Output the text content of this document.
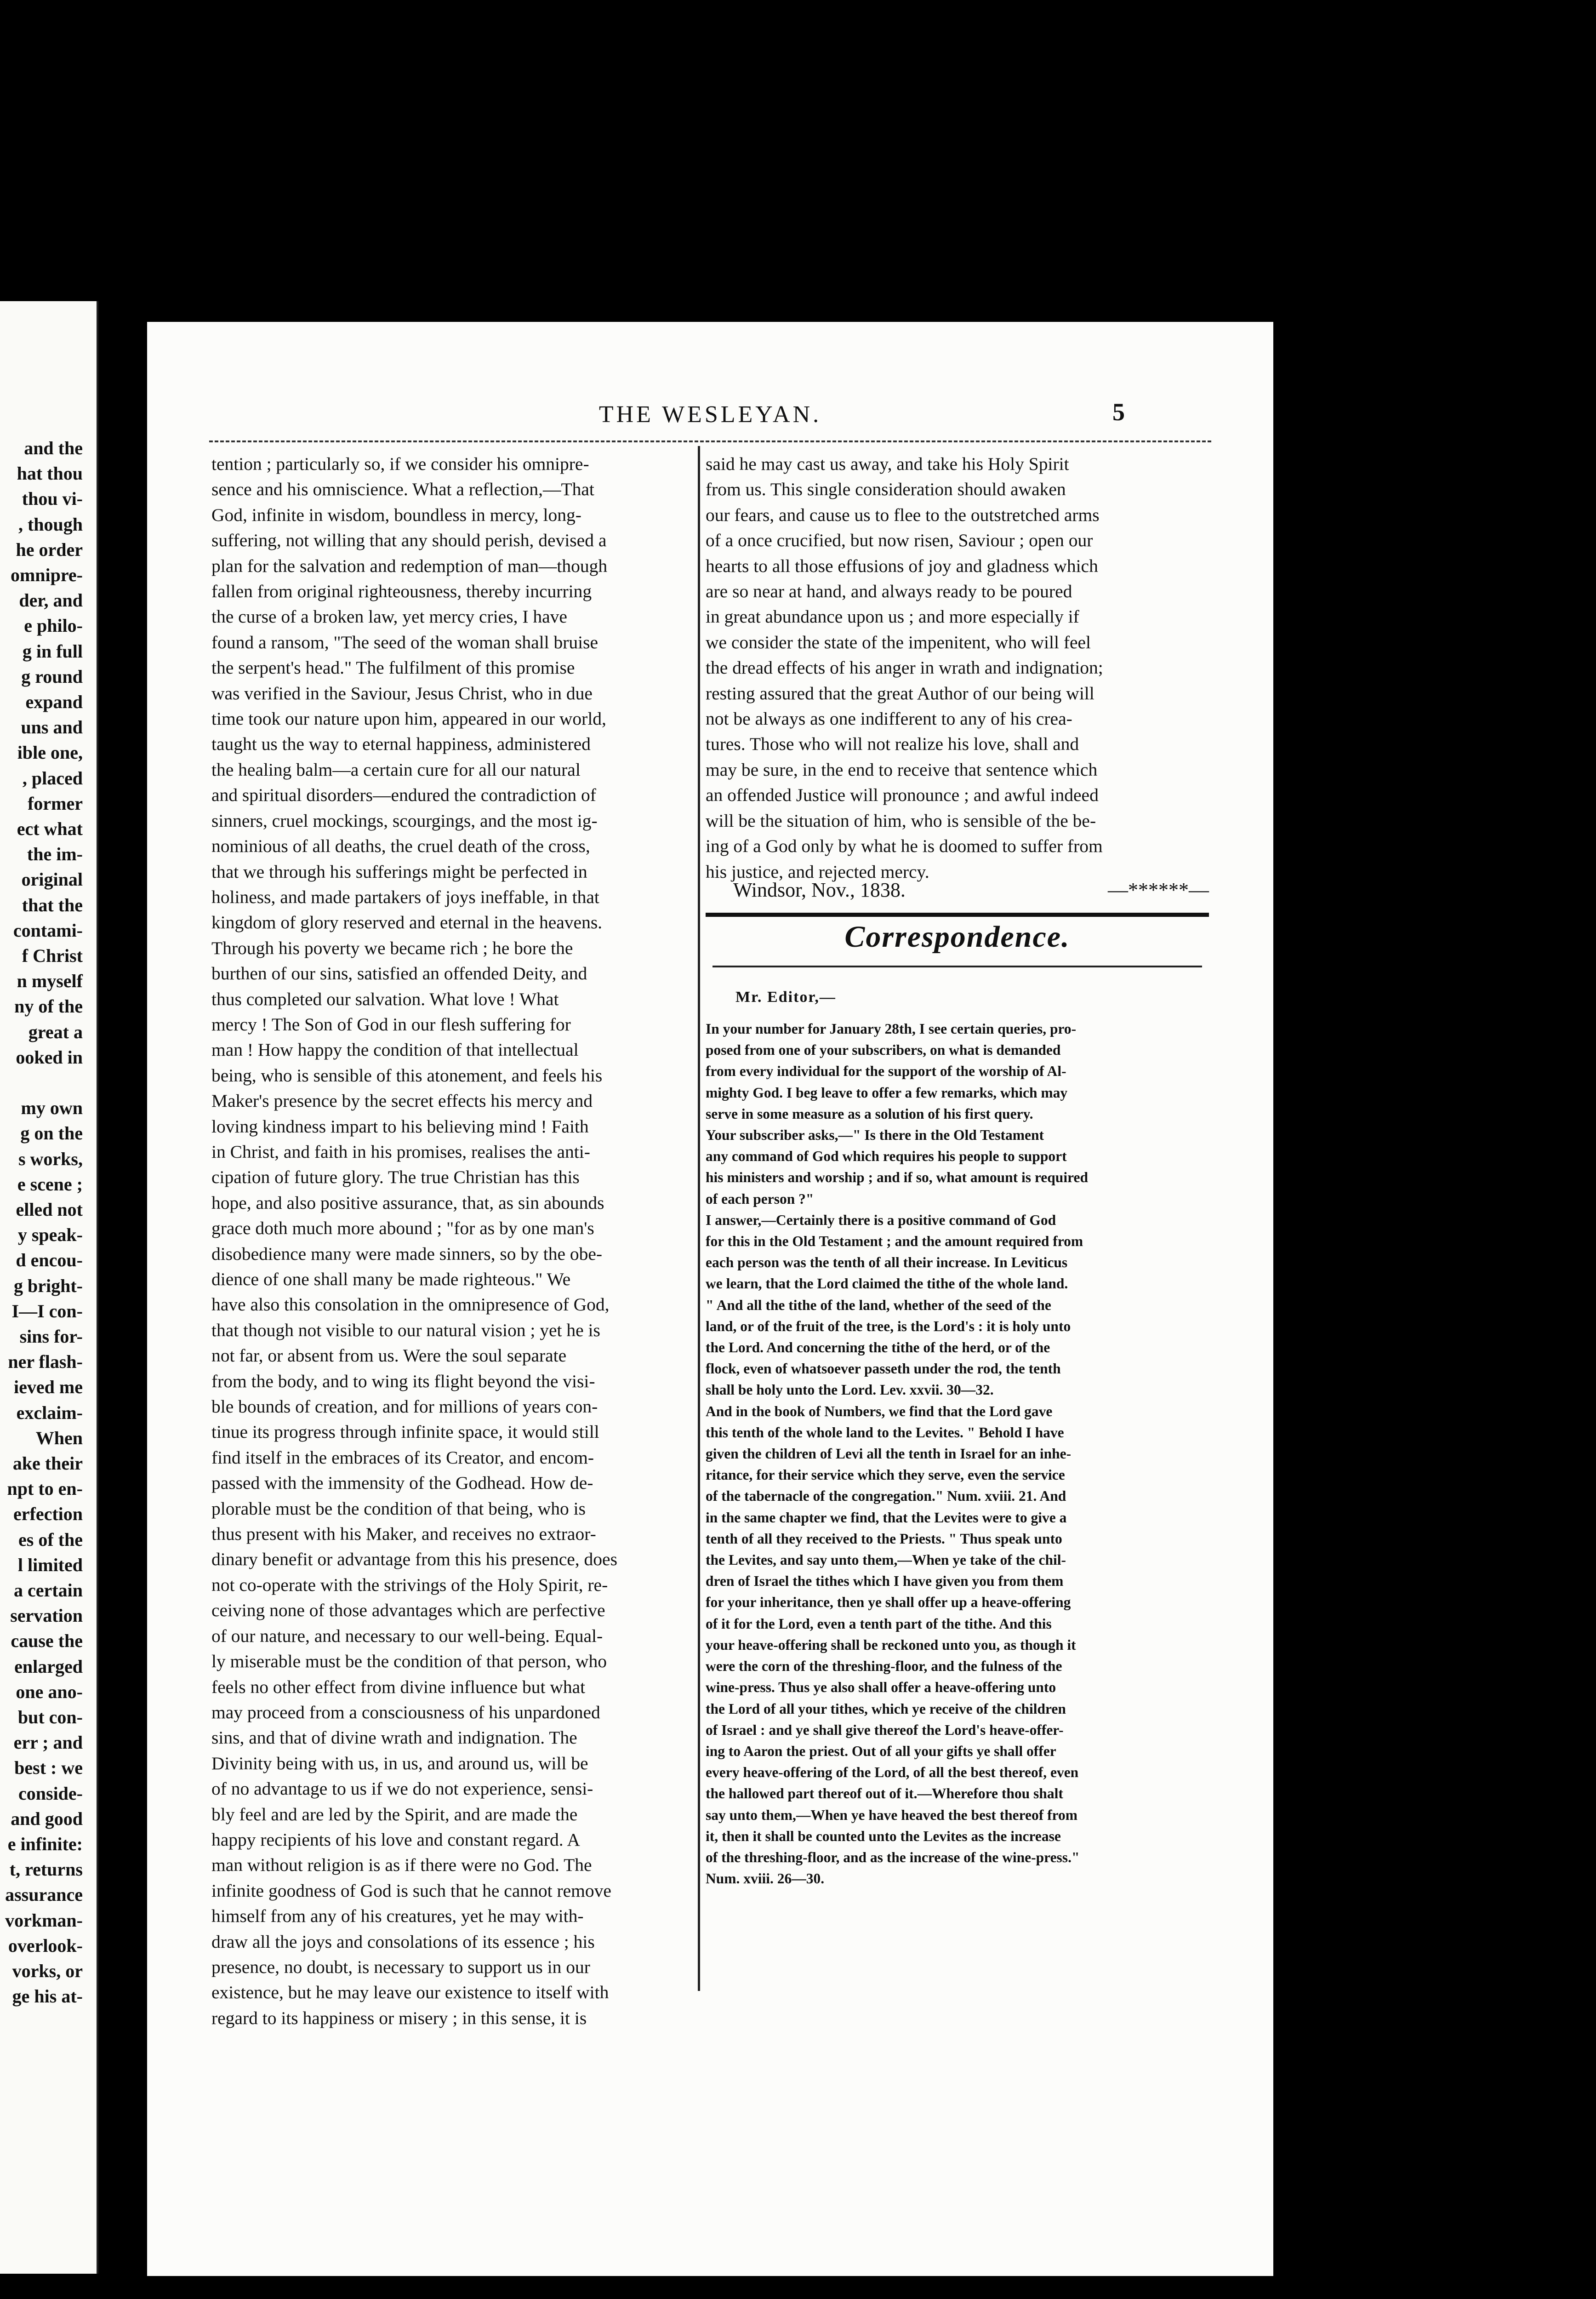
and the
hat thou
thou vi-
, though
he order
omnipre-
der, and
e philo-
g in full
g round
expand
uns and
ible one,
, placed
former
ect what
the im-
original
that the
contami-
f Christ
n myself
ny of the
great a
ooked in
my own
g on the
s works,
e scene ;
elled not
y speak-
d encou-
g bright-
I—I con-
sins for-
ner flash-
ieved me
exclaim-
When
ake their
npt to en-
erfection
es of the
l limited
a certain
servation
cause the
enlarged
one ano-
but con-
err ; and
best : we
conside-
and good
e infinite:
t, returns
assurance
vorkman-
overlook-
vorks, or
ge his at-
THE WESLEYAN.	5
tention ; particularly so, if we consider his omnipre-
sence and his omniscience. What a reflection,—That
God, infinite in wisdom, boundless in mercy, long-
suffering, not willing that any should perish, devised a
plan for the salvation and redemption of man—though
fallen from original righteousness, thereby incurring
the curse of a broken law, yet mercy cries, I have
found a ransom, "The seed of the woman shall bruise
the serpent's head." The fulfilment of this promise
was verified in the Saviour, Jesus Christ, who in due
time took our nature upon him, appeared in our world,
taught us the way to eternal happiness, administered
the healing balm—a certain cure for all our natural
and spiritual disorders—endured the contradiction of
sinners, cruel mockings, scourgings, and the most ig-
nominious of all deaths, the cruel death of the cross,
that we through his sufferings might be perfected in
holiness, and made partakers of joys ineffable, in that
kingdom of glory reserved and eternal in the heavens.
Through his poverty we became rich ; he bore the
burthen of our sins, satisfied an offended Deity, and
thus completed our salvation. What love ! What
mercy ! The Son of God in our flesh suffering for
man ! How happy the condition of that intellectual
being, who is sensible of this atonement, and feels his
Maker's presence by the secret effects his mercy and
loving kindness impart to his believing mind ! Faith
in Christ, and faith in his promises, realises the anti-
cipation of future glory. The true Christian has this
hope, and also positive assurance, that, as sin abounds
grace doth much more abound ; "for as by one man's
disobedience many were made sinners, so by the obe-
dience of one shall many be made righteous." We
have also this consolation in the omnipresence of God,
that though not visible to our natural vision ; yet he is
not far, or absent from us. Were the soul separate
from the body, and to wing its flight beyond the visi-
ble bounds of creation, and for millions of years con-
tinue its progress through infinite space, it would still
find itself in the embraces of its Creator, and encom-
passed with the immensity of the Godhead. How de-
plorable must be the condition of that being, who is
thus present with his Maker, and receives no extraor-
dinary benefit or advantage from this his presence, does
not co-operate with the strivings of the Holy Spirit, re-
ceiving none of those advantages which are perfective
of our nature, and necessary to our well-being. Equal-
ly miserable must be the condition of that person, who
feels no other effect from divine influence but what
may proceed from a consciousness of his unpardoned
sins, and that of divine wrath and indignation. The
Divinity being with us, in us, and around us, will be
of no advantage to us if we do not experience, sensi-
bly feel and are led by the Spirit, and are made the
happy recipients of his love and constant regard. A
man without religion is as if there were no God. The
infinite goodness of God is such that he cannot remove
himself from any of his creatures, yet he may with-
draw all the joys and consolations of its essence ; his
presence, no doubt, is necessary to support us in our
existence, but he may leave our existence to itself with
regard to its happiness or misery ; in this sense, it is
said he may cast us away, and take his Holy Spirit
from us. This single consideration should awaken
our fears, and cause us to flee to the outstretched arms
of a once crucified, but now risen, Saviour ; open our
hearts to all those effusions of joy and gladness which
are so near at hand, and always ready to be poured
in great abundance upon us ; and more especially if
we consider the state of the impenitent, who will feel
the dread effects of his anger in wrath and indignation;
resting assured that the great Author of our being will
not be always as one indifferent to any of his crea-
tures. Those who will not realize his love, shall and
may be sure, in the end to receive that sentence which
an offended Justice will pronounce ; and awful indeed
will be the situation of him, who is sensible of the be-
ing of a God only by what he is doomed to suffer from
his justice, and rejected mercy.
Windsor, Nov., 1838.	—******—
Correspondence.
Mr. Editor,—
In your number for January 28th, I see certain queries, pro-
posed from one of your subscribers, on what is demanded
from every individual for the support of the worship of Al-
mighty God. I beg leave to offer a few remarks, which may
serve in some measure as a solution of his first query.
Your subscriber asks,—" Is there in the Old Testament
any command of God which requires his people to support
his ministers and worship ; and if so, what amount is required
of each person ?"
I answer,—Certainly there is a positive command of God
for this in the Old Testament ; and the amount required from
each person was the tenth of all their increase. In Leviticus
we learn, that the Lord claimed the tithe of the whole land.
" And all the tithe of the land, whether of the seed of the
land, or of the fruit of the tree, is the Lord's : it is holy unto
the Lord. And concerning the tithe of the herd, or of the
flock, even of whatsoever passeth under the rod, the tenth
shall be holy unto the Lord. Lev. xxvii. 30—32.
And in the book of Numbers, we find that the Lord gave
this tenth of the whole land to the Levites. " Behold I have
given the children of Levi all the tenth in Israel for an inhe-
ritance, for their service which they serve, even the service
of the tabernacle of the congregation." Num. xviii. 21. And
in the same chapter we find, that the Levites were to give a
tenth of all they received to the Priests. " Thus speak unto
the Levites, and say unto them,—When ye take of the chil-
dren of Israel the tithes which I have given you from them
for your inheritance, then ye shall offer up a heave-offering
of it for the Lord, even a tenth part of the tithe. And this
your heave-offering shall be reckoned unto you, as though it
were the corn of the threshing-floor, and the fulness of the
wine-press. Thus ye also shall offer a heave-offering unto
the Lord of all your tithes, which ye receive of the children
of Israel : and ye shall give thereof the Lord's heave-offer-
ing to Aaron the priest. Out of all your gifts ye shall offer
every heave-offering of the Lord, of all the best thereof, even
the hallowed part thereof out of it.—Wherefore thou shalt
say unto them,—When ye have heaved the best thereof from
it, then it shall be counted unto the Levites as the increase
of the threshing-floor, and as the increase of the wine-press."
Num. xviii. 26—30.
